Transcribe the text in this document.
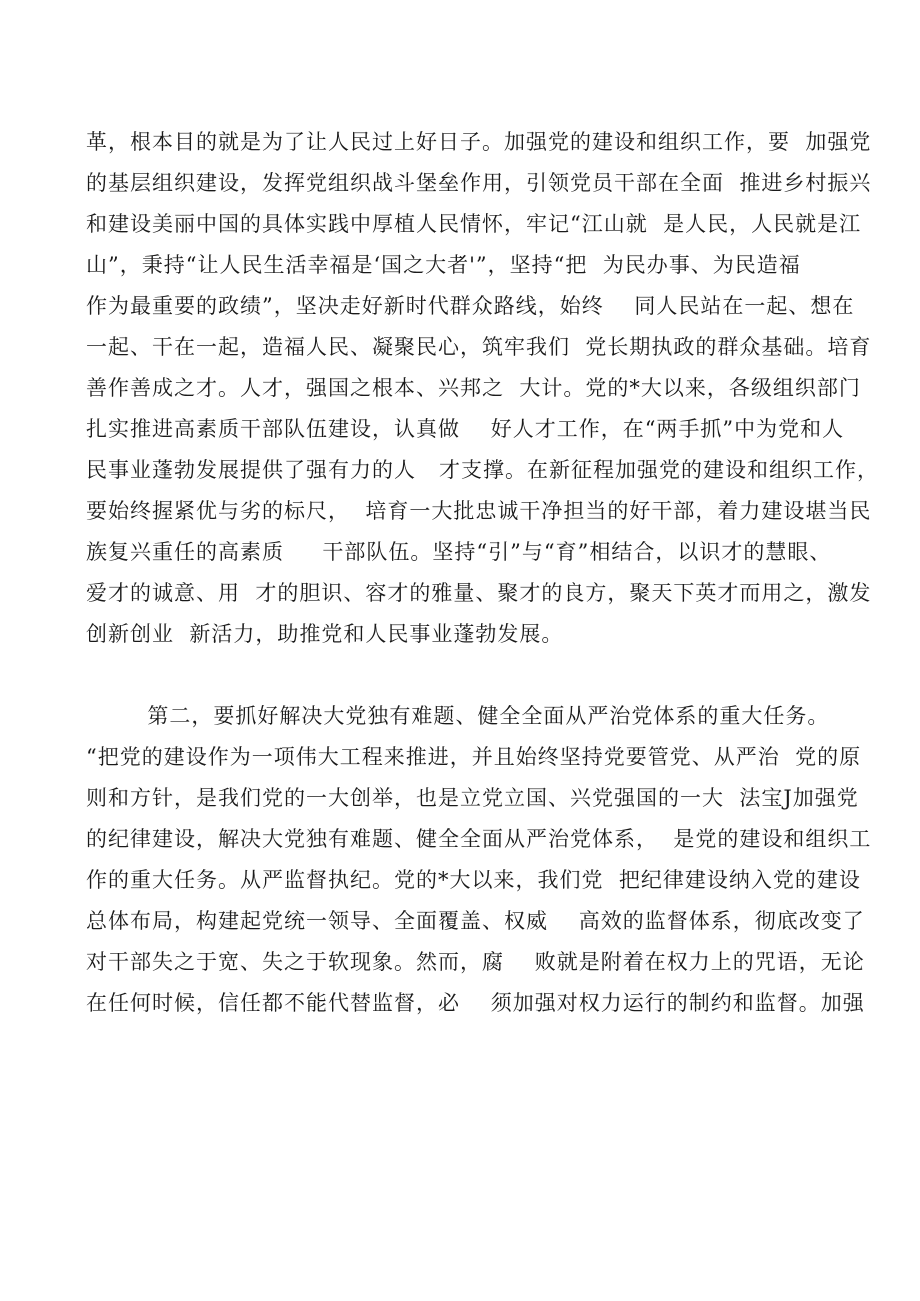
革，根本目的就是为了让人民过上好日子。加强党的建设和组织工作，要  加强党
的基层组织建设，发挥党组织战斗堡垒作用，引领党员干部在全面  推进乡村振兴
和建设美丽中国的具体实践中厚植人民情怀，牢记“江山就  是人民，人民就是江
山”，秉持“让人民生活幸福是‘国之大者'”，坚持“把  为民办事、为民造福
作为最重要的政绩”，坚决走好新时代群众路线，始终    同人民站在一起、想在
一起、干在一起，造福人民、凝聚民心，筑牢我们  党长期执政的群众基础。培育
善作善成之才。人才，强国之根本、兴邦之  大计。党的*大以来，各级组织部门
扎实推进高素质干部队伍建设，认真做    好人才工作，在“两手抓”中为党和人
民事业蓬勃发展提供了强有力的人   才支撑。在新征程加强党的建设和组织工作，
要始终握紧优与劣的标尺，  培育一大批忠诚干净担当的好干部，着力建设堪当民
族复兴重任的高素质     干部队伍。坚持“引”与“育”相结合，以识才的慧眼、
爱才的诚意、用  才的胆识、容才的雅量、聚才的良方，聚天下英才而用之，激发
创新创业  新活力，助推党和人民事业蓬勃发展。
第二，要抓好解决大党独有难题、健全全面从严治党体系的重大任务。
“把党的建设作为一项伟大工程来推进，并且始终坚持党要管党、从严治  党的原
则和方针，是我们党的一大创举，也是立党立国、兴党强国的一大  法宝J加强党
的纪律建设，解决大党独有难题、健全全面从严治党体系，  是党的建设和组织工
作的重大任务。从严监督执纪。党的*大以来，我们党  把纪律建设纳入党的建设
总体布局，构建起党统一领导、全面覆盖、权威    高效的监督体系，彻底改变了
对干部失之于宽、失之于软现象。然而，腐    败就是附着在权力上的咒语，无论
在任何时候，信任都不能代替监督，必    须加强对权力运行的制约和监督。加强
